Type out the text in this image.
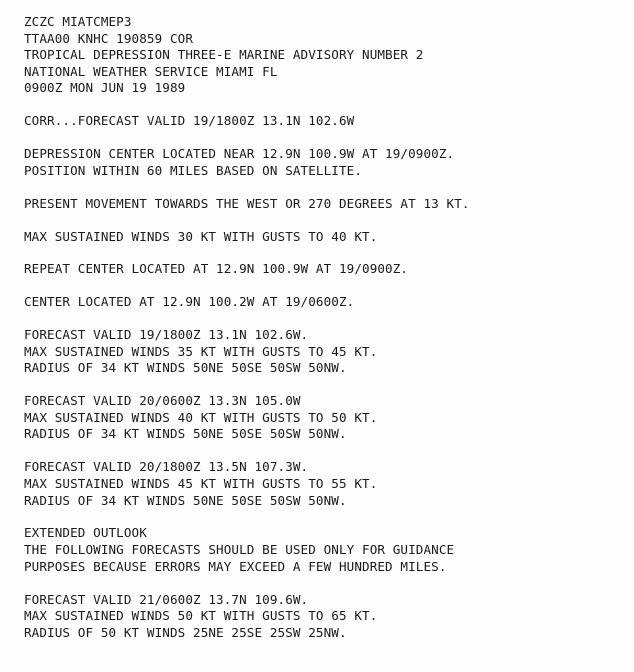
ZCZC MIATCMEP3
TTAA00 KNHC 190859 COR
TROPICAL DEPRESSION THREE-E MARINE ADVISORY NUMBER 2
NATIONAL WEATHER SERVICE MIAMI FL
0900Z MON JUN 19 1989
CORR...FORECAST VALID 19/1800Z 13.1N 102.6W
DEPRESSION CENTER LOCATED NEAR 12.9N 100.9W AT 19/0900Z.
POSITION WITHIN 60 MILES BASED ON SATELLITE.
PRESENT MOVEMENT TOWARDS THE WEST OR 270 DEGREES AT 13 KT.
MAX SUSTAINED WINDS 30 KT WITH GUSTS TO 40 KT.
REPEAT CENTER LOCATED AT 12.9N 100.9W AT 19/0900Z.
CENTER LOCATED AT 12.9N 100.2W AT 19/0600Z.
FORECAST VALID 19/1800Z 13.1N 102.6W.
MAX SUSTAINED WINDS 35 KT WITH GUSTS TO 45 KT.
RADIUS OF 34 KT WINDS 50NE 50SE 50SW 50NW.
FORECAST VALID 20/0600Z 13.3N 105.0W
MAX SUSTAINED WINDS 40 KT WITH GUSTS TO 50 KT.
RADIUS OF 34 KT WINDS 50NE 50SE 50SW 50NW.
FORECAST VALID 20/1800Z 13.5N 107.3W.
MAX SUSTAINED WINDS 45 KT WITH GUSTS TO 55 KT.
RADIUS OF 34 KT WINDS 50NE 50SE 50SW 50NW.
EXTENDED OUTLOOK
THE FOLLOWING FORECASTS SHOULD BE USED ONLY FOR GUIDANCE
PURPOSES BECAUSE ERRORS MAY EXCEED A FEW HUNDRED MILES.
FORECAST VALID 21/0600Z 13.7N 109.6W.
MAX SUSTAINED WINDS 50 KT WITH GUSTS TO 65 KT.
RADIUS OF 50 KT WINDS 25NE 25SE 25SW 25NW.
